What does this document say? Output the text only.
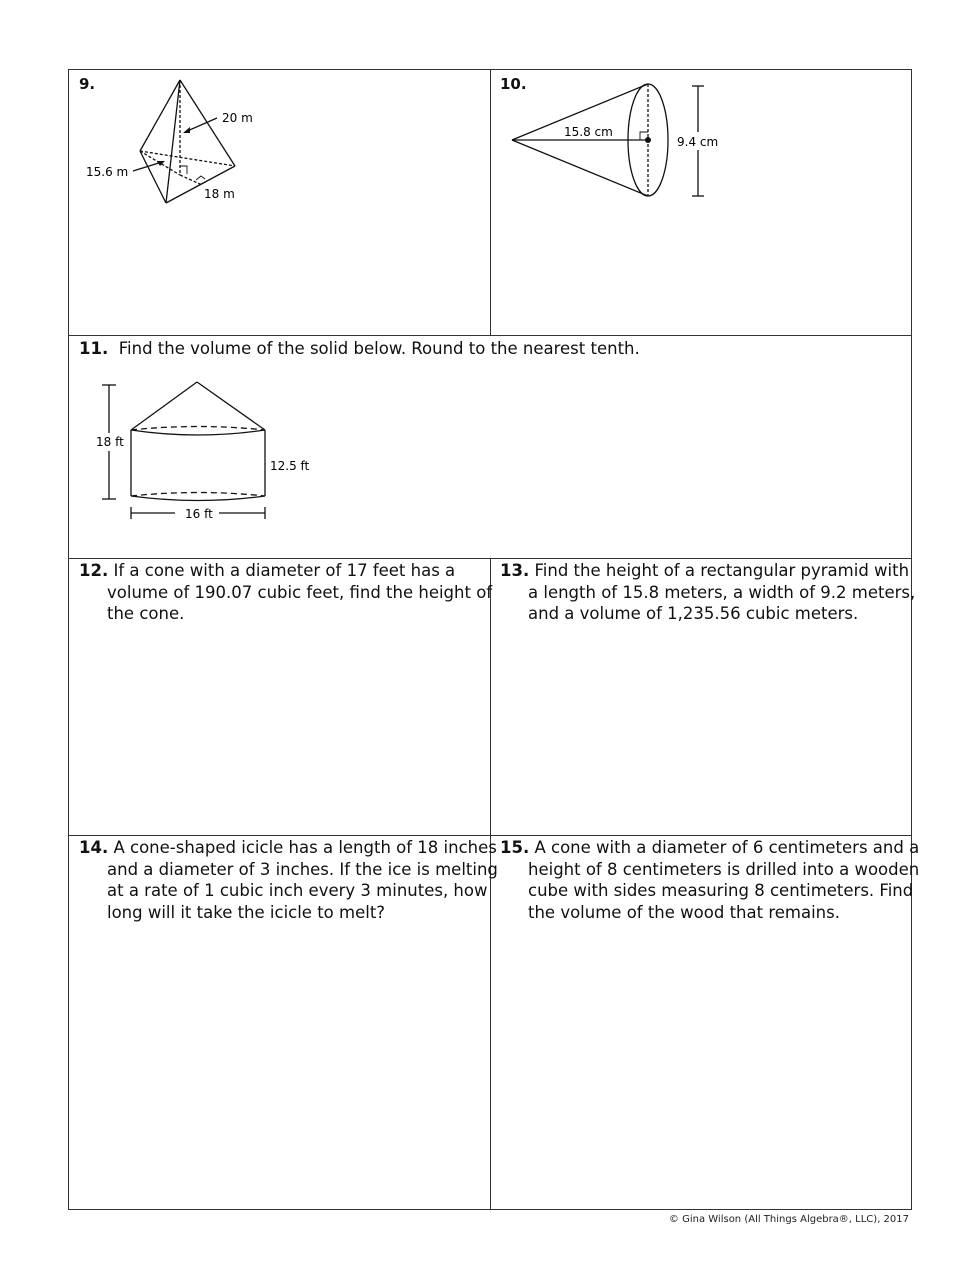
9.
20 m
15.6 m
18 m
10.
15.8 cm
9.4 cm
11. Find the volume of the solid below. Round to the nearest tenth.
18 ft
12.5 ft
16 ft
12. If a cone with a diameter of 17 feet has a volume of 190.07 cubic feet, find the height of the cone.
13. Find the height of a rectangular pyramid with a length of 15.8 meters, a width of 9.2 meters, and a volume of 1,235.56 cubic meters.
14. A cone-shaped icicle has a length of 18 inches and a diameter of 3 inches. If the ice is melting at a rate of 1 cubic inch every 3 minutes, how long will it take the icicle to melt?
15. A cone with a diameter of 6 centimeters and a height of 8 centimeters is drilled into a wooden cube with sides measuring 8 centimeters. Find the volume of the wood that remains.
© Gina Wilson (All Things Algebra®, LLC), 2017
